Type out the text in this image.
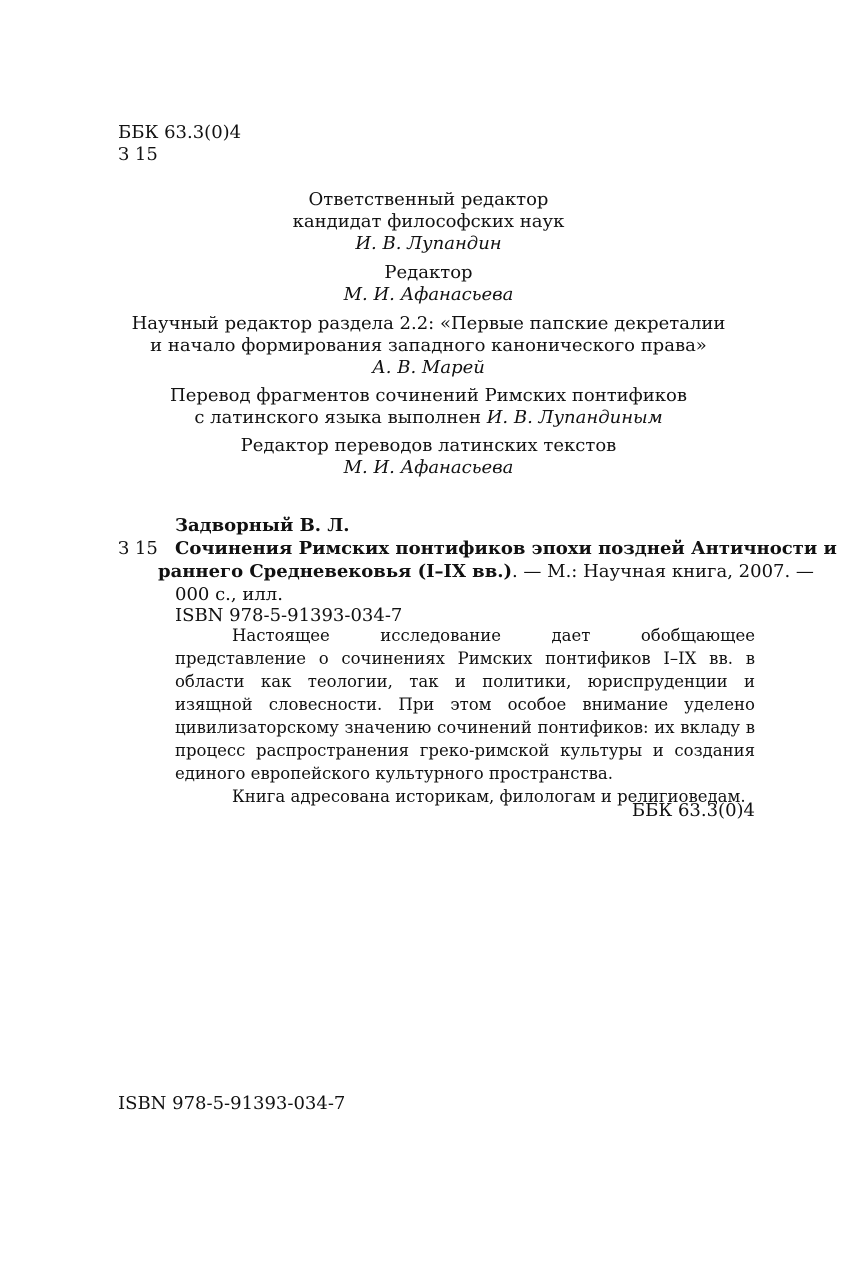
ББК 63.3(0)4
З 15
Ответственный редактор
кандидат философских наук
И. В. Лупандин
Редактор
М. И. Афанасьева
Научный редактор раздела 2.2: «Первые папские декреталии
и начало формирования западного канонического права»
А. В. Марей
Перевод фрагментов сочинений Римских понтификов
с латинского языка выполнен И. В. Лупандиным
Редактор переводов латинских текстов
М. И. Афанасьева
Задворный В. Л.
З 15 Сочинения Римских понтификов эпохи поздней Античности и
раннего Средневековья (I–IX вв.). — М.: Научная книга, 2007. —
000 с., илл.
ISBN 978-5-91393-034-7

Настоящее исследование дает обобщающее представление о сочинениях Римских понтификов I–IX вв. в области как теологии, так и политики, юриспруденции и изящной словесности. При этом особое внимание уделено цивилизаторскому значению сочинений понтификов: их вкладу в процесс распространения греко-римской культуры и создания единого европейского культурного пространства.

Книга адресована историкам, филологам и религиоведам.

ББК 63.3(0)4
ISBN 978-5-91393-034-7
